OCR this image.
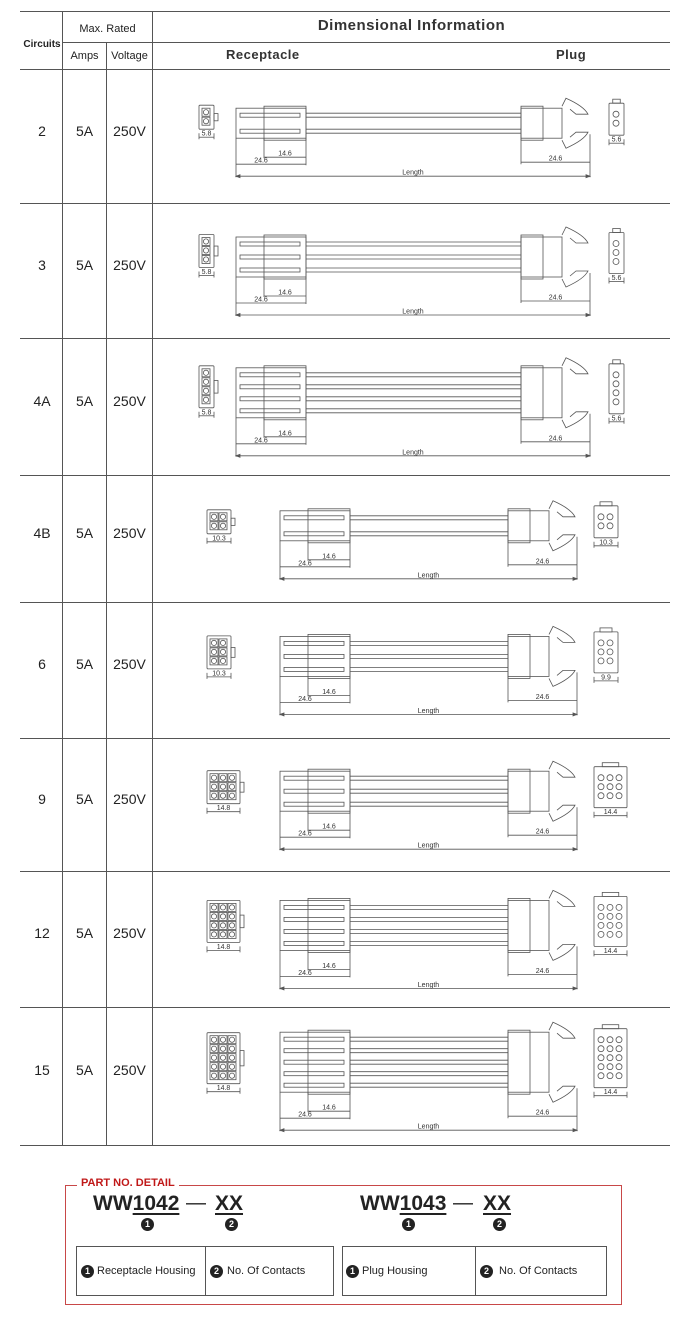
Circuits
Max. Rated
Amps	Voltage
Dimensional Information
Receptacle	Plug
2	5A	250V	5.8
5.6
14.6
24.6	24.6
Length
3	5A	250V	5.8
5.6
14.6
24.6	24.6
Length
4A	5A	250V
5.8
5.6
14.6
24.6	24.6
Length
4B	5A	250V	10.3
10.3
14.6
24.6	24.6
Length
6	5A	250V
10.3
9.9
14.6
24.6	24.6
Length
9	5A	250V
14.8
14.4
14.6
24.6	24.6
Length
12	5A	250V
14.8
14.4
14.6
24.6	24.6
Length
15	5A	250V
14.8
14.4
14.6
24.6	24.6
Length
PART NO. DETAIL
WW1042 — XX
1	2
WW1043 — XX
1	2
1 Receptacle Housing	2 No. Of Contacts	1 Plug Housing	2 No. Of Contacts
